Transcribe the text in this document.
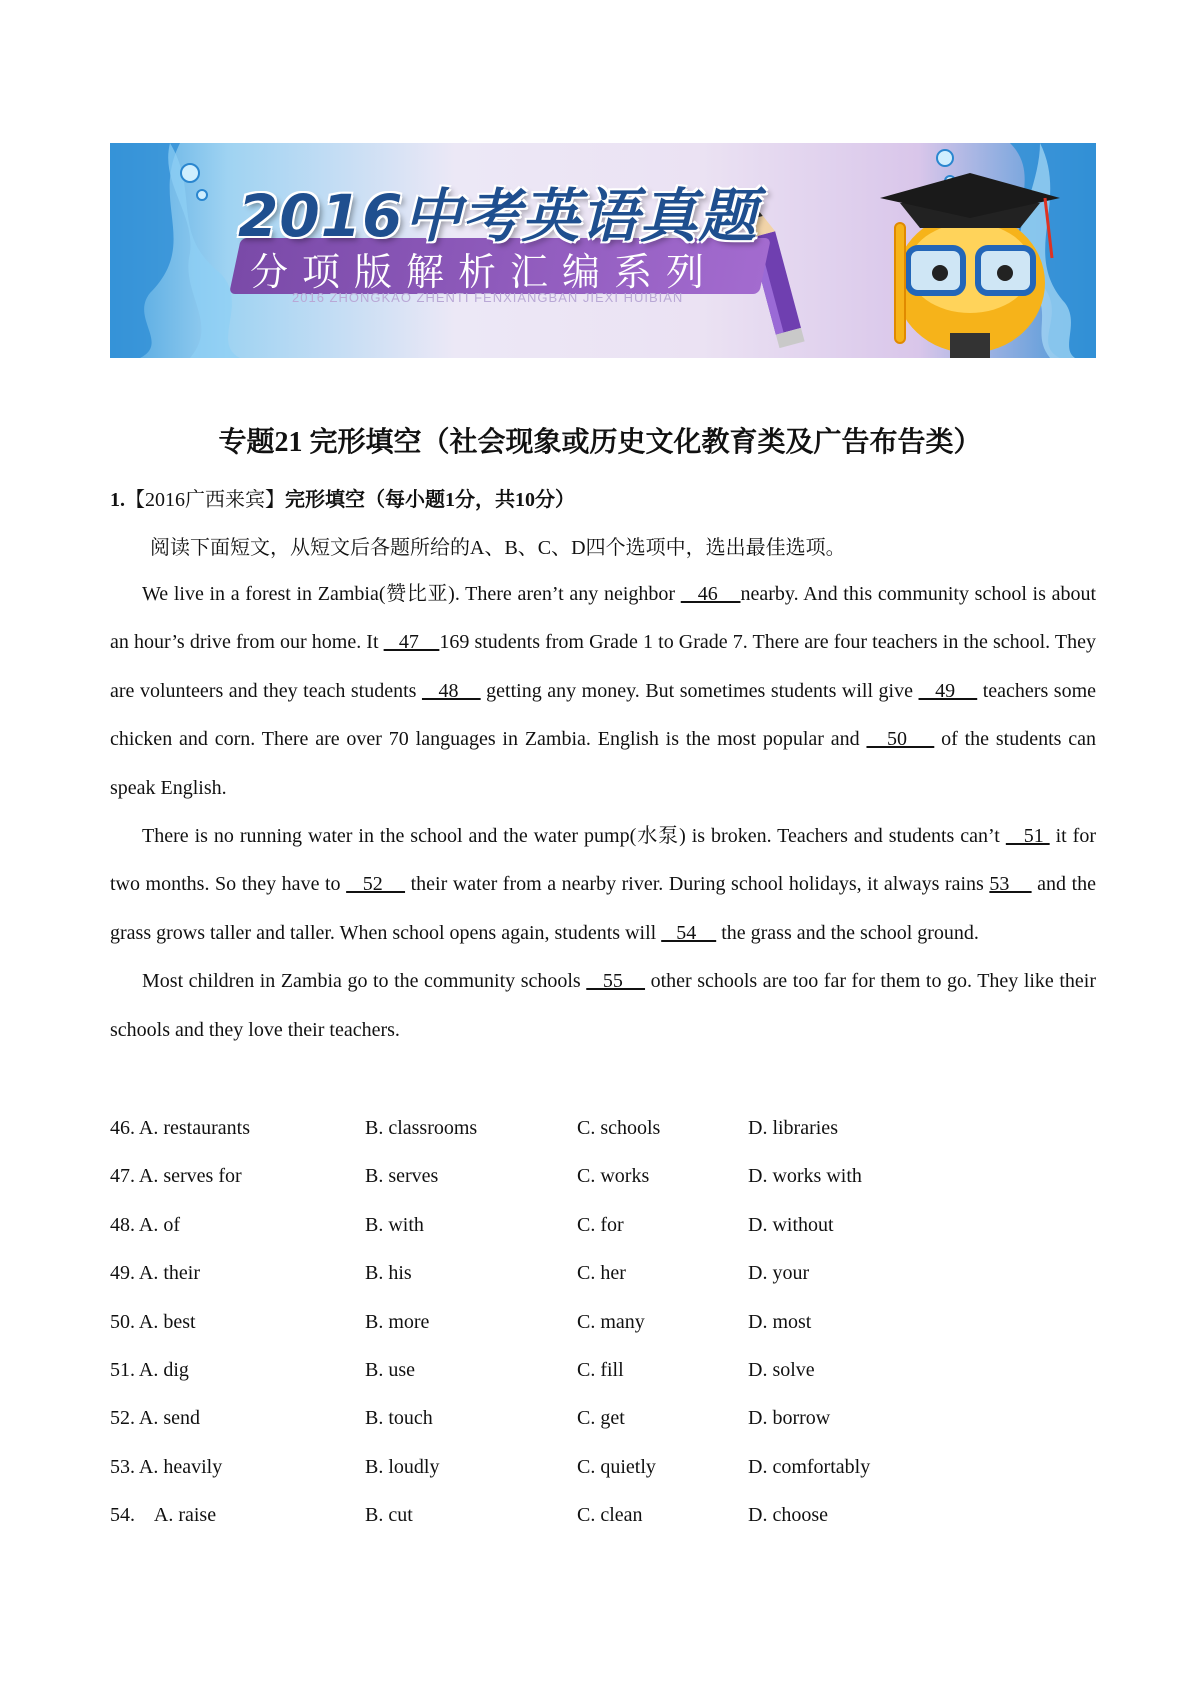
2016中考英语真题
分项版解析汇编系列
2016 ZHONGKAO ZHENTI FENXIANGBAN JIEXI HUIBIAN
专题21 完形填空（社会现象或历史文化教育类及广告布告类）
1.【2016广西来宾】完形填空（每小题1分，共10分）
阅读下面短文，从短文后各题所给的A、B、C、D四个选项中，选出最佳选项。

We live in a forest in Zambia(赞比亚). There aren’t any neighbor    46    nearby. And this community school is about an hour’s drive from our home. It    47    169 students from Grade 1 to Grade 7. There are four teachers in the school. They are volunteers and they teach students    48     getting any money. But sometimes students will give    49     teachers some chicken and corn. There are over 70 languages in Zambia. English is the most popular and    50     of the students can speak English.

There is no running water in the school and the water pump(水泵) is broken. Teachers and students can’t    51  it for two months. So they have to    52     their water from a nearby river. During school holidays, it always rains 53     and the grass grows taller and taller. When school opens again, students will    54     the grass and the school ground.

Most children in Zambia go to the community schools    55     other schools are too far for them to go. They like their schools and they love their teachers.

46. A. restaurants	B. classrooms	C. schools	D. libraries
47. A. serves for	B. serves	C. works	D. works with
48. A. of	B. with	C. for	D. without
49. A. their	B. his	C. her	D. your
50. A. best	B. more	C. many	D. most
51. A. dig	B. use	C. fill	D. solve
52. A. send	B. touch	C. get	D. borrow
53. A. heavily	B. loudly	C. quietly	D. comfortably
54.    A. raise	B. cut	C. clean	D. choose
